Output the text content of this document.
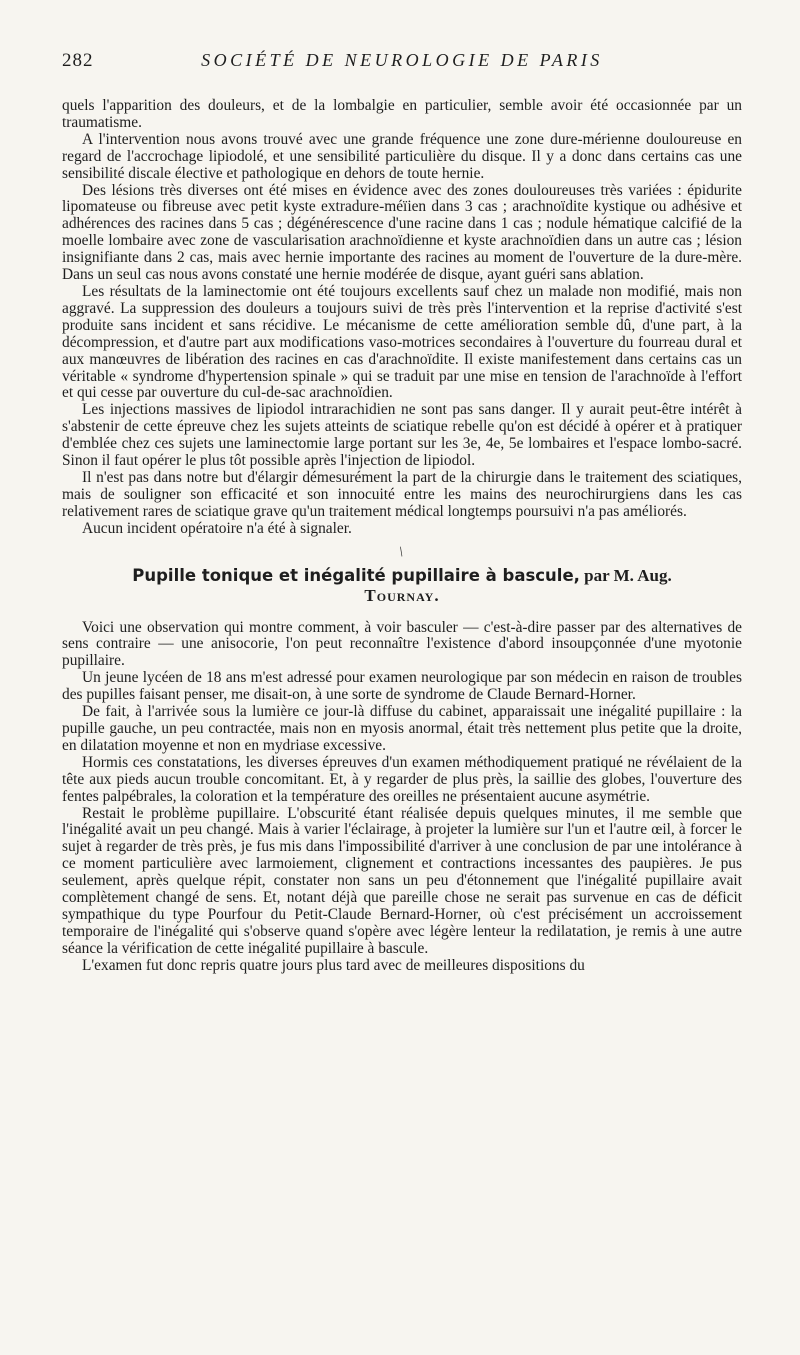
282	SOCIÉTÉ DE NEUROLOGIE DE PARIS

quels l'apparition des douleurs, et de la lombalgie en particulier, semble avoir été occasionnée par un traumatisme.

A l'intervention nous avons trouvé avec une grande fréquence une zone dure-mérienne douloureuse en regard de l'accrochage lipiodolé, et une sensibilité particulière du disque. Il y a donc dans certains cas une sensibilité discale élective et pathologique en dehors de toute hernie.

Des lésions très diverses ont été mises en évidence avec des zones douloureuses très variées : épidurite lipomateuse ou fibreuse avec petit kyste extradure-méïien dans 3 cas ; arachnoïdite kystique ou adhésive et adhérences des racines dans 5 cas ; dégénérescence d'une racine dans 1 cas ; nodule hématique calcifié de la moelle lombaire avec zone de vascularisation arachnoïdienne et kyste arachnoïdien dans un autre cas ; lésion insignifiante dans 2 cas, mais avec hernie importante des racines au moment de l'ouverture de la dure-mère. Dans un seul cas nous avons constaté une hernie modérée de disque, ayant guéri sans ablation.

Les résultats de la laminectomie ont été toujours excellents sauf chez un malade non modifié, mais non aggravé. La suppression des douleurs a toujours suivi de très près l'intervention et la reprise d'activité s'est produite sans incident et sans récidive. Le mécanisme de cette amélioration semble dû, d'une part, à la décompression, et d'autre part aux modifications vaso-motrices secondaires à l'ouverture du fourreau dural et aux manœuvres de libération des racines en cas d'arachnoïdite. Il existe manifestement dans certains cas un véritable « syndrome d'hypertension spinale » qui se traduit par une mise en tension de l'arachnoïde à l'effort et qui cesse par ouverture du cul-de-sac arachnoïdien.

Les injections massives de lipiodol intrarachidien ne sont pas sans danger. Il y aurait peut-être intérêt à s'abstenir de cette épreuve chez les sujets atteints de sciatique rebelle qu'on est décidé à opérer et à pratiquer d'emblée chez ces sujets une laminectomie large portant sur les 3e, 4e, 5e lombaires et l'espace lombo-sacré. Sinon il faut opérer le plus tôt possible après l'injection de lipiodol.

Il n'est pas dans notre but d'élargir démesurément la part de la chirurgie dans le traitement des sciatiques, mais de souligner son efficacité et son innocuité entre les mains des neurochirurgiens dans les cas relativement rares de sciatique grave qu'un traitement médical longtemps poursuivi n'a pas améliorés.

Aucun incident opératoire n'a été à signaler.

/
Pupille tonique et inégalité pupillaire à bascule, par M. Aug.
Tournay.

Voici une observation qui montre comment, à voir basculer — c'est-à-dire passer par des alternatives de sens contraire — une anisocorie, l'on peut reconnaître l'existence d'abord insoupçonnée d'une myotonie pupillaire.

Un jeune lycéen de 18 ans m'est adressé pour examen neurologique par son médecin en raison de troubles des pupilles faisant penser, me disait-on, à une sorte de syndrome de Claude Bernard-Horner.

De fait, à l'arrivée sous la lumière ce jour-là diffuse du cabinet, apparaissait une inégalité pupillaire : la pupille gauche, un peu contractée, mais non en myosis anormal, était très nettement plus petite que la droite, en dilatation moyenne et non en mydriase excessive.

Hormis ces constatations, les diverses épreuves d'un examen méthodiquement pratiqué ne révélaient de la tête aux pieds aucun trouble concomitant. Et, à y regarder de plus près, la saillie des globes, l'ouverture des fentes palpébrales, la coloration et la température des oreilles ne présentaient aucune asymétrie.

Restait le problème pupillaire. L'obscurité étant réalisée depuis quelques minutes, il me semble que l'inégalité avait un peu changé. Mais à varier l'éclairage, à projeter la lumière sur l'un et l'autre œil, à forcer le sujet à regarder de très près, je fus mis dans l'impossibilité d'arriver à une conclusion de par une intolérance à ce moment particulière avec larmoiement, clignement et contractions incessantes des paupières. Je pus seulement, après quelque répit, constater non sans un peu d'étonnement que l'inégalité pupillaire avait complètement changé de sens. Et, notant déjà que pareille chose ne serait pas survenue en cas de déficit sympathique du type Pourfour du Petit-Claude Bernard-Horner, où c'est précisément un accroissement temporaire de l'inégalité qui s'observe quand s'opère avec légère lenteur la redilatation, je remis à une autre séance la vérification de cette inégalité pupillaire à bascule.

L'examen fut donc repris quatre jours plus tard avec de meilleures dispositions du
